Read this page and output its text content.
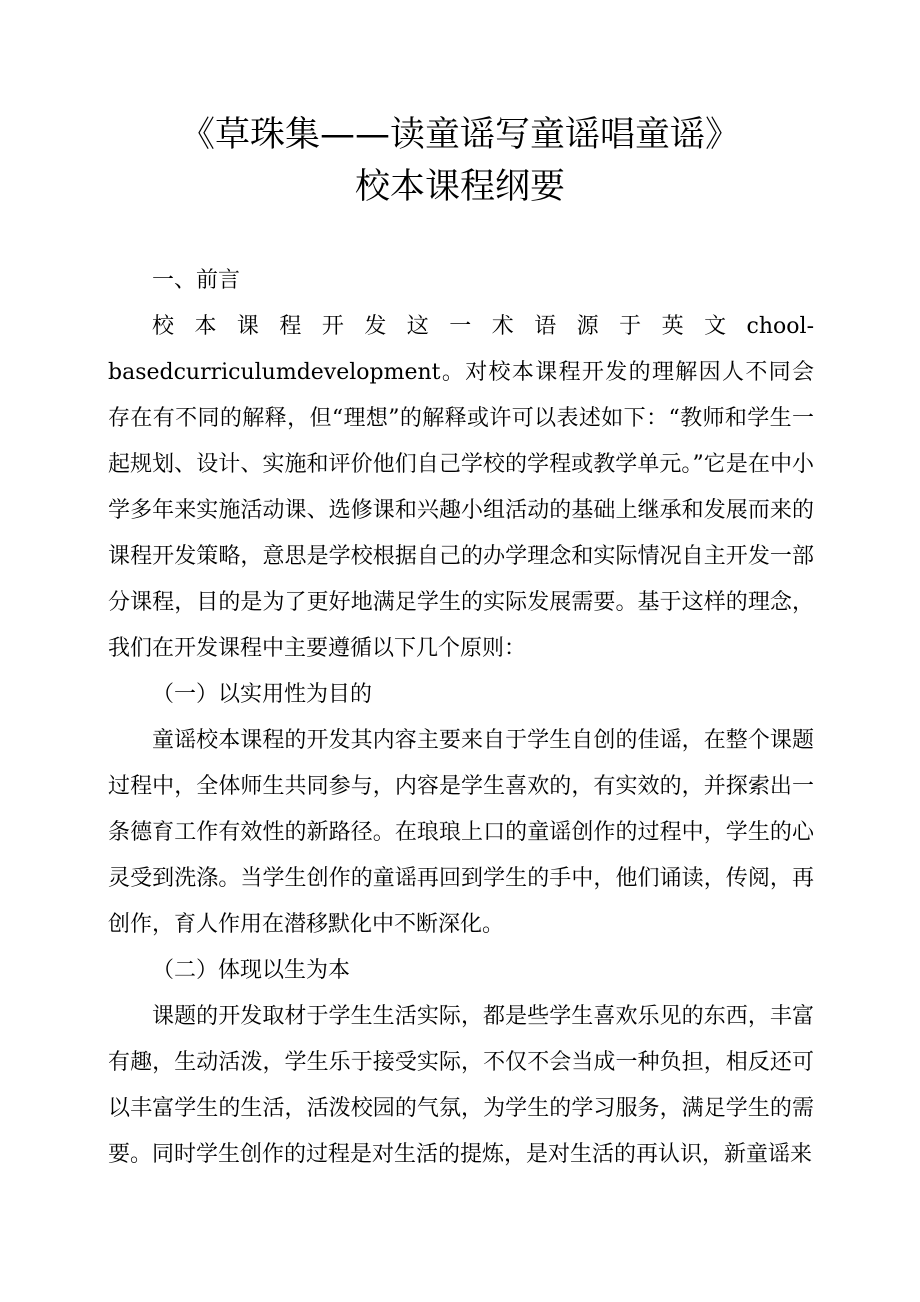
《草珠集——读童谣写童谣唱童谣》
校本课程纲要

一、前言

校本课程开发这一术语源于英文chool-basedcurriculumdevelopment。对校本课程开发的理解因人不同会存在有不同的解释，但“理想”的解释或许可以表述如下：“教师和学生一起规划、设计、实施和评价他们自己学校的学程或教学单元。”它是在中小学多年来实施活动课、选修课和兴趣小组活动的基础上继承和发展而来的课程开发策略，意思是学校根据自己的办学理念和实际情况自主开发一部分课程，目的是为了更好地满足学生的实际发展需要。基于这样的理念，我们在开发课程中主要遵循以下几个原则：

（一）以实用性为目的

童谣校本课程的开发其内容主要来自于学生自创的佳谣，在整个课题过程中，全体师生共同参与，内容是学生喜欢的，有实效的，并探索出一条德育工作有效性的新路径。在琅琅上口的童谣创作的过程中，学生的心灵受到洗涤。当学生创作的童谣再回到学生的手中，他们诵读，传阅，再创作，育人作用在潜移默化中不断深化。

（二）体现以生为本

课题的开发取材于学生生活实际，都是些学生喜欢乐见的东西，丰富有趣，生动活泼，学生乐于接受实际，不仅不会当成一种负担，相反还可以丰富学生的生活，活泼校园的气氛，为学生的学习服务，满足学生的需要。同时学生创作的过程是对生活的提炼，是对生活的再认识，新童谣来
